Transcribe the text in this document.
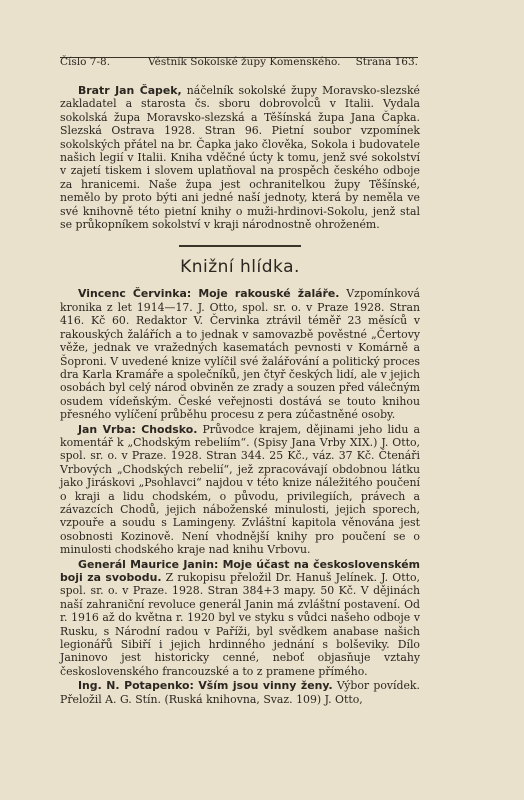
Číslo 7-8.	Věstník Sokolské župy Komenského. Strana 163.

Bratr Jan Čapek, náčelník sokolské župy Moravsko-slezské zakladatel a starosta čs. sboru dobrovolců v Italii. Vydala sokolská župa Moravsko-slezská a Těšínská župa Jana Čapka. Slezská Ostrava 1928. Stran 96. Pietní soubor vzpomínek sokolských přátel na br. Čapka jako člověka, Sokola i budovatele našich legií v Italii. Kniha vděčné úcty k tomu, jenž své sokolství v zajetí tiskem i slovem uplatňoval na prospěch českého odboje za hranicemi. Naše župa jest ochranitelkou župy Těšínské, nemělo by proto býti ani jedné naší jednoty, která by neměla ve své knihovně této pietní knihy o muži-hrdinovi-Sokolu, jenž stal se průkopníkem sokolství v kraji národnostně ohroženém.

Knižní hlídka.

Vincenc Červinka: Moje rakouské žaláře. Vzpomínková kronika z let 1914—17. J. Otto, spol. sr. o. v Praze 1928. Stran 416. Kč 60. Redaktor V. Červinka ztrávil téměř 23 měsíců v rakouských žalářích a to jednak v samovazbě pověstné „Čertovy věže, jednak ve vražedných kasematách pevnosti v Komárně a Šoproni. V uvedené knize vylíčil své žalářování a politický proces dra Karla Kramáře a společníků, jen čtyř českých lidí, ale v jejich osobách byl celý národ obviněn ze zrady a souzen před válečným osudem vídeňským. České veřejnosti dostává se touto knihou přesného vylíčení průběhu procesu z pera zúčastněné osoby.

Jan Vrba: Chodsko. Průvodce krajem, dějinami jeho lidu a komentář k „Chodským rebeliím“. (Spisy Jana Vrby XIX.) J. Otto, spol. sr. o. v Praze. 1928. Stran 344. 25 Kč., váz. 37 Kč. Čtenáři Vrbových „Chodských rebelií“, jež zpracovávají obdobnou látku jako Jiráskovi „Psohlavci“ najdou v této knize náležitého poučení o kraji a lidu chodském, o původu, privilegiích, právech a závazcích Chodů, jejich náboženské minulosti, jejich sporech, vzpouře a soudu s Lamingeny. Zvláštní kapitola věnována jest osobnosti Kozinově. Není vhodnější knihy pro poučení se o minulosti chodského kraje nad knihu Vrbovu.

Generál Maurice Janin: Moje účast na československém boji za svobodu. Z rukopisu přeložil Dr. Hanuš Jelínek. J. Otto, spol. sr. o. v Praze. 1928. Stran 384+3 mapy. 50 Kč. V dějinách naší zahraniční revoluce generál Janin má zvláštní postavení. Od r. 1916 až do května r. 1920 byl ve styku s vůdci našeho odboje v Rusku, s Národní radou v Paříži, byl svědkem anabase našich legionářů Sibiří i jejich hrdinného jednání s bolševiky. Dílo Janinovo jest historicky cenné, neboť objasňuje vztahy československého francouzské a to z pramene přímého.

Ing. N. Potapenko: Vším jsou vinny ženy. Výbor povídek. Přeložil A. G. Stín. (Ruská knihovna, Svaz. 109) J. Otto,
